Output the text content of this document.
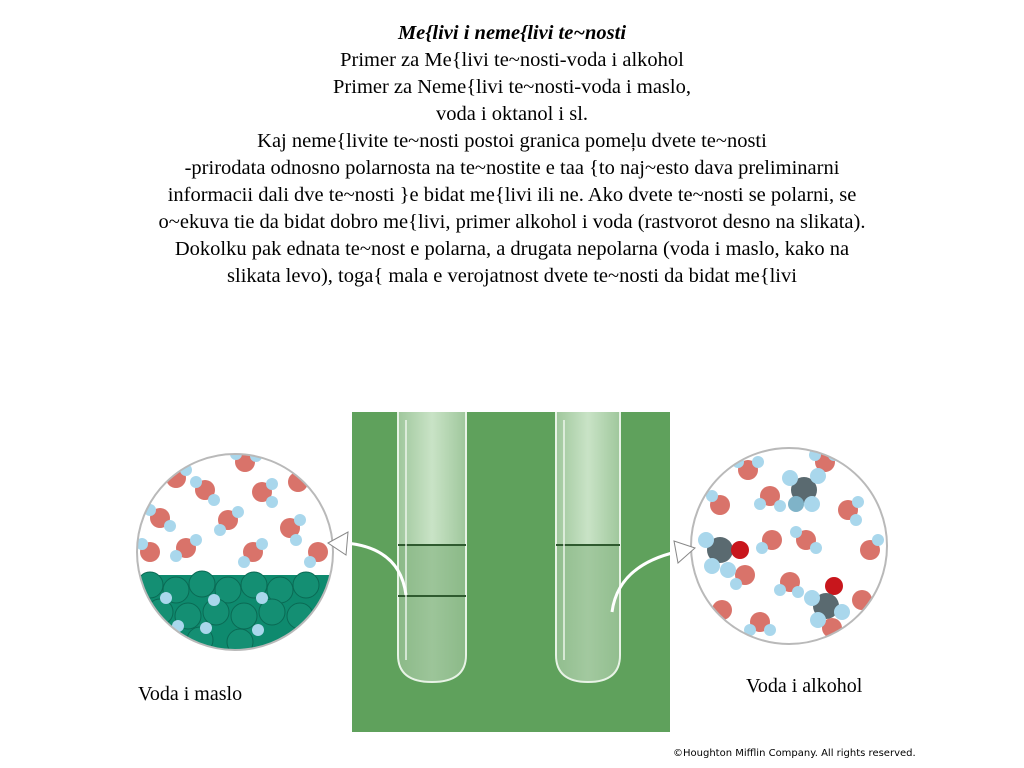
Me{livi i neme{livi te~nosti
Primer za Me{livi te~nosti-voda i alkohol
Primer za Neme{livi te~nosti-voda i maslo,
voda i oktanol i sl.
Kaj neme{livite te~nosti postoi granica pomeļu dvete te~nosti
-prirodata odnosno polarnosta na te~nostite e taa {to naj~esto dava preliminarni
informacii dali dve te~nosti }e bidat me{livi ili ne. Ako dvete te~nosti se polarni, se
o~ekuva tie da bidat dobro me{livi, primer alkohol i voda (rastvorot desno na slikata).
Dokolku pak ednata te~nost e polarna, a drugata nepolarna (voda i maslo, kako na
slikata levo), toga{ mala e verojatnost dvete te~nosti da bidat me{livi
Voda i maslo	Voda i alkohol
©Houghton Mifflin Company. All rights reserved.
